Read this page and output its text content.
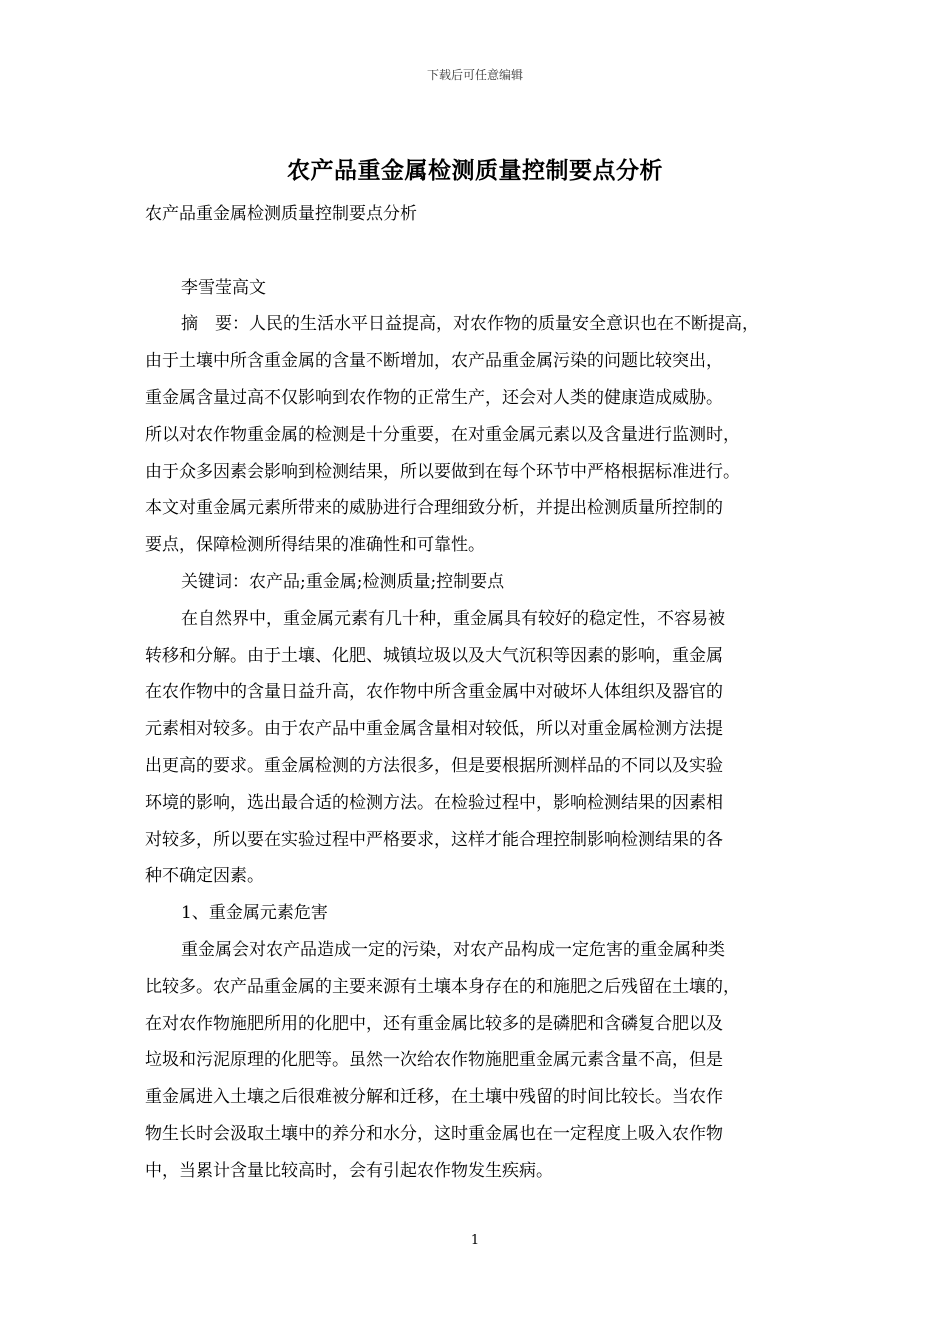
下载后可任意编辑
农产品重金属检测质量控制要点分析
农产品重金属检测质量控制要点分析
李雪莹高文
摘　要：人民的生活水平日益提高，对农作物的质量安全意识也在不断提高，
由于土壤中所含重金属的含量不断增加，农产品重金属污染的问题比较突出，
重金属含量过高不仅影响到农作物的正常生产，还会对人类的健康造成威胁。
所以对农作物重金属的检测是十分重要，在对重金属元素以及含量进行监测时，
由于众多因素会影响到检测结果，所以要做到在每个环节中严格根据标准进行。
本文对重金属元素所带来的威胁进行合理细致分析，并提出检测质量所控制的
要点，保障检测所得结果的准确性和可靠性。
关键词：农产品;重金属;检测质量;控制要点
在自然界中，重金属元素有几十种，重金属具有较好的稳定性，不容易被
转移和分解。由于土壤、化肥、城镇垃圾以及大气沉积等因素的影响，重金属
在农作物中的含量日益升高，农作物中所含重金属中对破坏人体组织及器官的
元素相对较多。由于农产品中重金属含量相对较低，所以对重金属检测方法提
出更高的要求。重金属检测的方法很多，但是要根据所测样品的不同以及实验
环境的影响，选出最合适的检测方法。在检验过程中，影响检测结果的因素相
对较多，所以要在实验过程中严格要求，这样才能合理控制影响检测结果的各
种不确定因素。
1、重金属元素危害
重金属会对农产品造成一定的污染，对农产品构成一定危害的重金属种类
比较多。农产品重金属的主要来源有土壤本身存在的和施肥之后残留在土壤的，
在对农作物施肥所用的化肥中，还有重金属比较多的是磷肥和含磷复合肥以及
垃圾和污泥原理的化肥等。虽然一次给农作物施肥重金属元素含量不高，但是
重金属进入土壤之后很难被分解和迁移，在土壤中残留的时间比较长。当农作
物生长时会汲取土壤中的养分和水分，这时重金属也在一定程度上吸入农作物
中，当累计含量比较高时，会有引起农作物发生疾病。
1
